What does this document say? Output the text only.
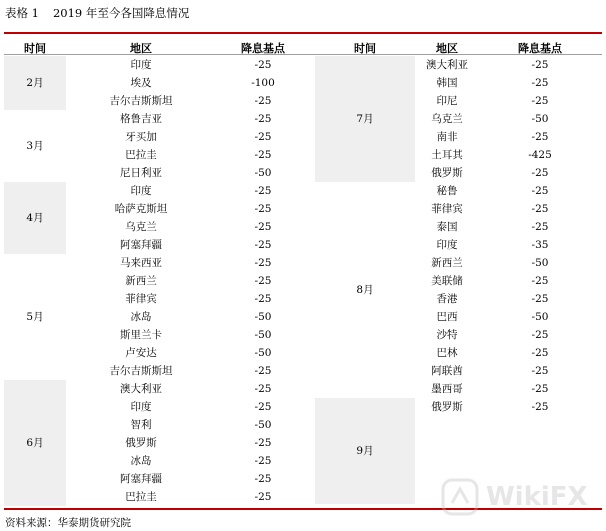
表格 1 2019 年至今各国降息情况
时间	地区	降息基点	时间	地区	降息基点
资料来源：华泰期货研究院
WikiFX
2月
印度	-25
埃及	-100
吉尔吉斯斯坦	-25
3月
格鲁吉亚	-25
牙买加	-25
巴拉圭	-25
尼日利亚	-50
4月
印度	-25
哈萨克斯坦	-25
乌克兰	-25
阿塞拜疆	-25
5月
马来西亚	-25
新西兰	-25
菲律宾	-25
冰岛	-50
斯里兰卡	-50
卢安达	-50
吉尔吉斯斯坦	-25
6月
澳大利亚	-25
印度	-25
智利	-50
俄罗斯	-25
冰岛	-25
阿塞拜疆	-25
巴拉圭	-25
7月
澳大利亚	-25
韩国	-25
印尼	-25
乌克兰	-50
南非	-25
土耳其	-425
俄罗斯	-25
8月
秘鲁	-25
菲律宾	-25
泰国	-25
印度	-35
新西兰	-50
美联储	-25
香港	-25
巴西	-50
沙特	-25
巴林	-25
阿联酋	-25
墨西哥	-25
9月
俄罗斯	-25
